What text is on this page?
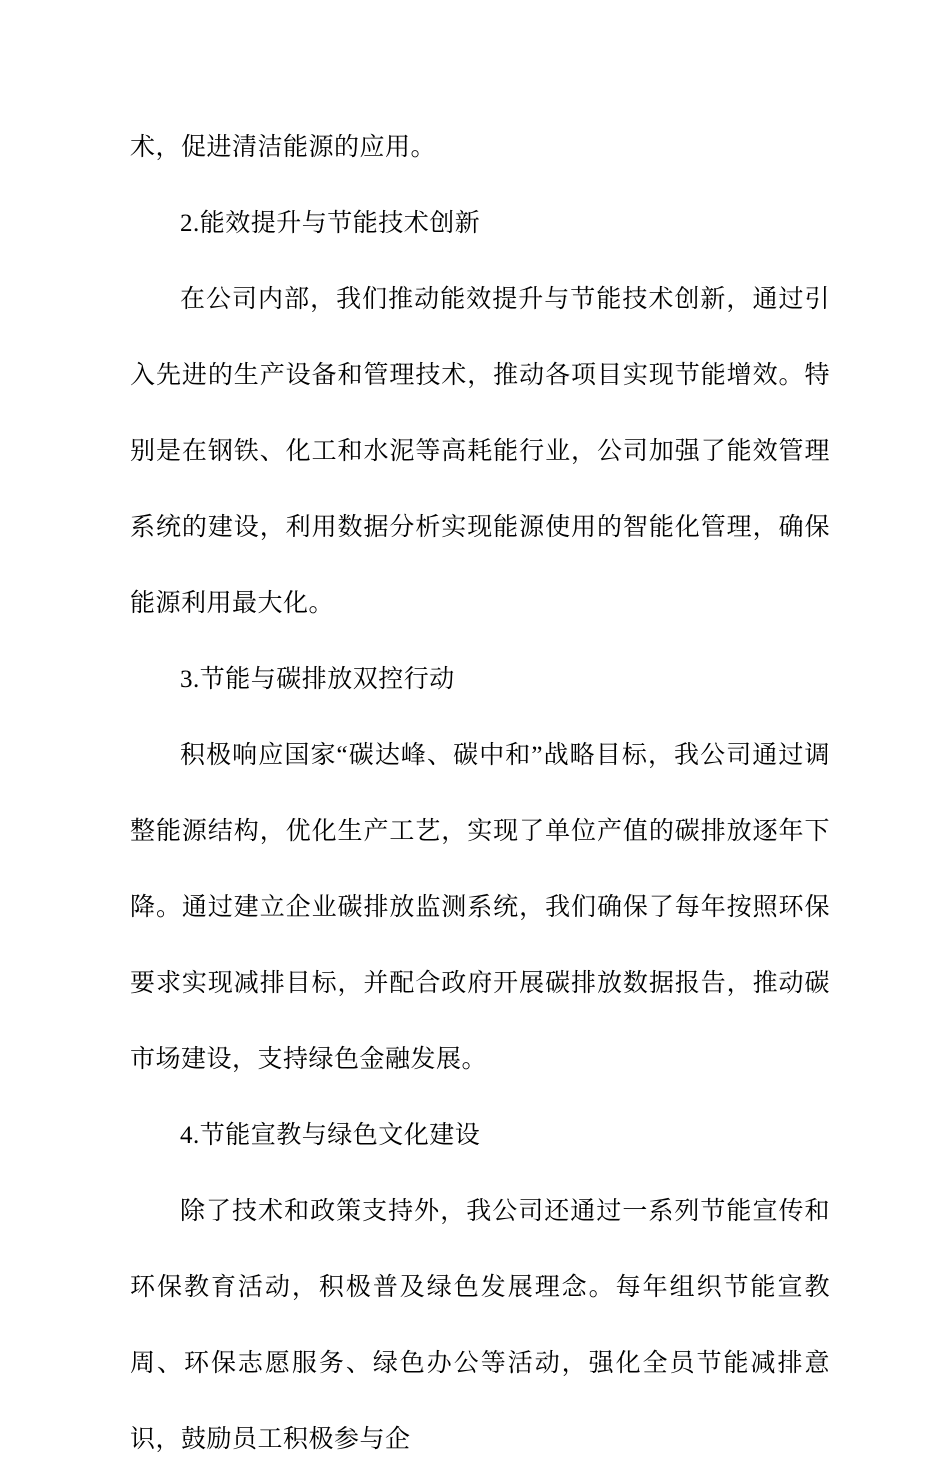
术，促进清洁能源的应用。

2.能效提升与节能技术创新

在公司内部，我们推动能效提升与节能技术创新，通过引入先进的生产设备和管理技术，推动各项目实现节能增效。特别是在钢铁、化工和水泥等高耗能行业，公司加强了能效管理系统的建设，利用数据分析实现能源使用的智能化管理，确保能源利用最大化。

3.节能与碳排放双控行动

积极响应国家“碳达峰、碳中和”战略目标，我公司通过调整能源结构，优化生产工艺，实现了单位产值的碳排放逐年下降。通过建立企业碳排放监测系统，我们确保了每年按照环保要求实现减排目标，并配合政府开展碳排放数据报告，推动碳市场建设，支持绿色金融发展。

4.节能宣教与绿色文化建设

除了技术和政策支持外，我公司还通过一系列节能宣传和环保教育活动，积极普及绿色发展理念。每年组织节能宣教周、环保志愿服务、绿色办公等活动，强化全员节能减排意识，鼓励员工积极参与企
